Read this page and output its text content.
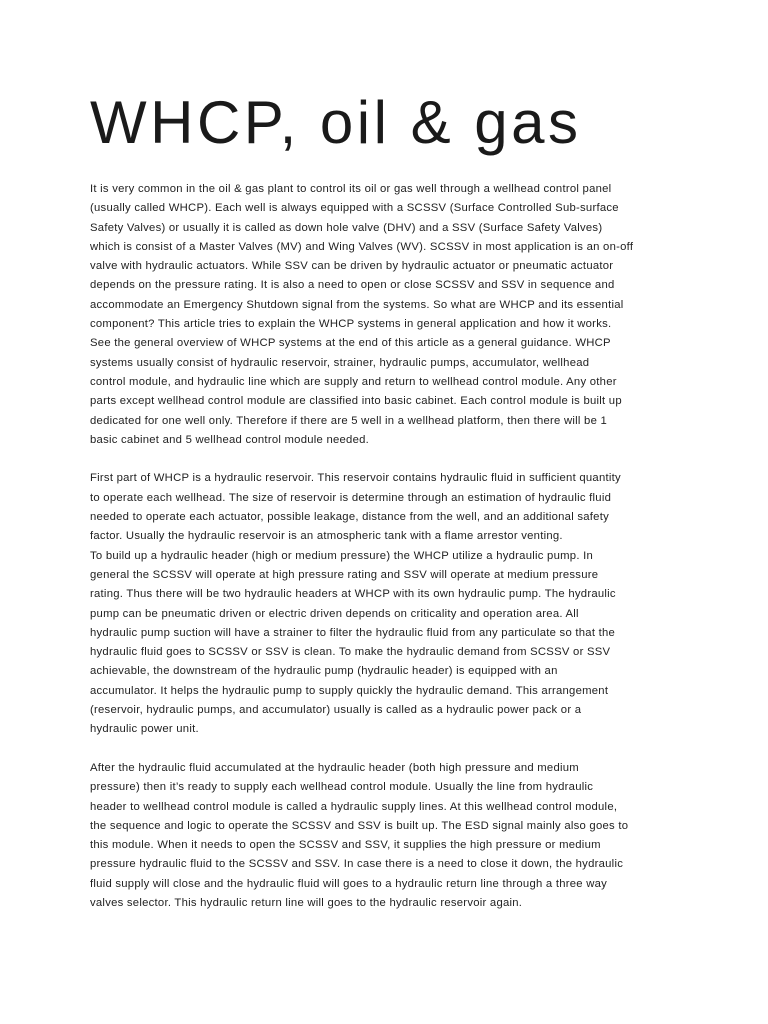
WHCP, oil & gas

It is very common in the oil & gas plant to control its oil or gas well through a wellhead control panel
(usually called WHCP). Each well is always equipped with a SCSSV (Surface Controlled Sub-surface
Safety Valves) or usually it is called as down hole valve (DHV) and a SSV (Surface Safety Valves)
which is consist of a Master Valves (MV) and Wing Valves (WV). SCSSV in most application is an on-off
valve with hydraulic actuators. While SSV can be driven by hydraulic actuator or pneumatic actuator
depends on the pressure rating. It is also a need to open or close SCSSV and SSV in sequence and
accommodate an Emergency Shutdown signal from the systems. So what are WHCP and its essential
component? This article tries to explain the WHCP systems in general application and how it works.
See the general overview of WHCP systems at the end of this article as a general guidance. WHCP
systems usually consist of hydraulic reservoir, strainer, hydraulic pumps, accumulator, wellhead
control module, and hydraulic line which are supply and return to wellhead control module. Any other
parts except wellhead control module are classified into basic cabinet. Each control module is built up
dedicated for one well only. Therefore if there are 5 well in a wellhead platform, then there will be 1
basic cabinet and 5 wellhead control module needed.

First part of WHCP is a hydraulic reservoir. This reservoir contains hydraulic fluid in sufficient quantity
to operate each wellhead. The size of reservoir is determine through an estimation of hydraulic fluid
needed to operate each actuator, possible leakage, distance from the well, and an additional safety
factor. Usually the hydraulic reservoir is an atmospheric tank with a flame arrestor venting.
To build up a hydraulic header (high or medium pressure) the WHCP utilize a hydraulic pump. In
general the SCSSV will operate at high pressure rating and SSV will operate at medium pressure
rating. Thus there will be two hydraulic headers at WHCP with its own hydraulic pump. The hydraulic
pump can be pneumatic driven or electric driven depends on criticality and operation area. All
hydraulic pump suction will have a strainer to filter the hydraulic fluid from any particulate so that the
hydraulic fluid goes to SCSSV or SSV is clean. To make the hydraulic demand from SCSSV or SSV
achievable, the downstream of the hydraulic pump (hydraulic header) is equipped with an
accumulator. It helps the hydraulic pump to supply quickly the hydraulic demand. This arrangement
(reservoir, hydraulic pumps, and accumulator) usually is called as a hydraulic power pack or a
hydraulic power unit.

After the hydraulic fluid accumulated at the hydraulic header (both high pressure and medium
pressure) then it’s ready to supply each wellhead control module. Usually the line from hydraulic
header to wellhead control module is called a hydraulic supply lines. At this wellhead control module,
the sequence and logic to operate the SCSSV and SSV is built up. The ESD signal mainly also goes to
this module. When it needs to open the SCSSV and SSV, it supplies the high pressure or medium
pressure hydraulic fluid to the SCSSV and SSV. In case there is a need to close it down, the hydraulic
fluid supply will close and the hydraulic fluid will goes to a hydraulic return line through a three way
valves selector. This hydraulic return line will goes to the hydraulic reservoir again.
